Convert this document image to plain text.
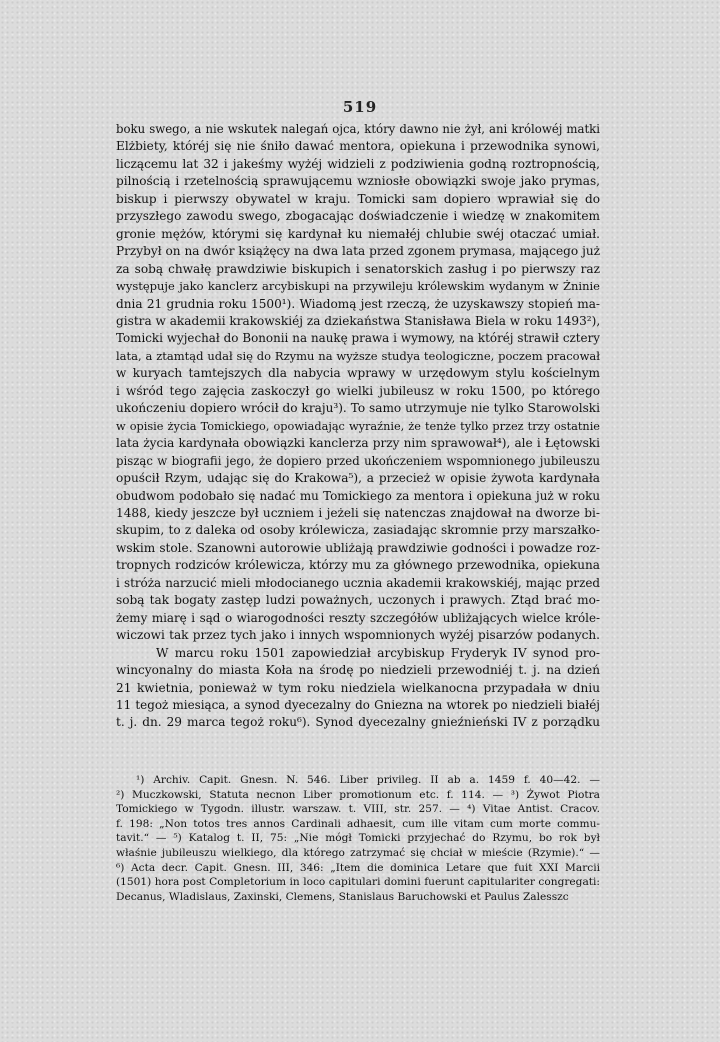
519
boku swego, a nie wskutek nalegań ojca, który dawno nie żył, ani królowéj matki
Elżbiety, któréj się nie śniło dawać mentora, opiekuna i przewodnika synowi,
liczącemu lat 32 i jakeśmy wyżéj widzieli z podziwienia godną roztropnością,
pilnością i rzetelnością sprawującemu wzniosłe obowiązki swoje jako prymas,
biskup i pierwszy obywatel w kraju. Tomicki sam dopiero wprawiał się do
przyszłego zawodu swego, zbogacając doświadczenie i wiedzę w znakomitem
gronie mężów, którymi się kardynał ku niemałéj chlubie swéj otaczać umiał.
Przybył on na dwór książęcy na dwa lata przed zgonem prymasa, mającego już
za sobą chwałę prawdziwie biskupich i senatorskich zasług i po pierwszy raz
występuje jako kanclerz arcybiskupi na przywileju królewskim wydanym w Żninie
dnia 21 grudnia roku 1500¹). Wiadomą jest rzeczą, że uzyskawszy stopień ma-
gistra w akademii krakowskiéj za dziekaństwa Stanisława Biela w roku 1493²),
Tomicki wyjechał do Bononii na naukę prawa i wymowy, na któréj strawił cztery
lata, a ztamtąd udał się do Rzymu na wyższe studya teologiczne, poczem pracował
w kuryach tamtejszych dla nabycia wprawy w urzędowym stylu kościelnym
i wśród tego zajęcia zaskoczył go wielki jubileusz w roku 1500, po którego
ukończeniu dopiero wrócił do kraju³). To samo utrzymuje nie tylko Starowolski
w opisie życia Tomickiego, opowiadając wyraźnie, że tenże tylko przez trzy ostatnie
lata życia kardynała obowiązki kanclerza przy nim sprawował⁴), ale i Łętowski
pisząc w biografii jego, że dopiero przed ukończeniem wspomnionego jubileuszu
opuścił Rzym, udając się do Krakowa⁵), a przecież w opisie żywota kardynała
obudwom podobało się nadać mu Tomickiego za mentora i opiekuna już w roku
1488, kiedy jeszcze był uczniem i jeżeli się natenczas znajdował na dworze bi-
skupim, to z daleka od osoby królewicza, zasiadając skromnie przy marszałko-
wskim stole. Szanowni autorowie ubliżają prawdziwie godności i powadze roz-
tropnych rodziców królewicza, którzy mu za głównego przewodnika, opiekuna
i stróża narzucić mieli młodocianego ucznia akademii krakowskiéj, mając przed
sobą tak bogaty zastęp ludzi poważnych, uczonych i prawych. Ztąd brać mo-
żemy miarę i sąd o wiarogodności reszty szczegółów ubliżających wielce króle-
wiczowi tak przez tych jako i innych wspomnionych wyżéj pisarzów podanych.
W marcu roku 1501 zapowiedział arcybiskup Fryderyk IV synod pro-
wincyonalny do miasta Koła na środę po niedzieli przewodniéj t. j. na dzień
21 kwietnia, ponieważ w tym roku niedziela wielkanocna przypadała w dniu
11 tegoż miesiąca, a synod dyecezalny do Gniezna na wtorek po niedzieli białéj
t. j. dn. 29 marca tegoż roku⁶). Synod dyecezalny gnieźnieński IV z porządku
¹) Archiv. Capit. Gnesn. N. 546. Liber privileg. II ab a. 1459 f. 40—42. —
²) Muczkowski, Statuta necnon Liber promotionum etc. f. 114. — ³) Żywot Piotra
Tomickiego w Tygodn. illustr. warszaw. t. VIII, str. 257. — ⁴) Vitae Antist. Cracov.
f. 198: „Non totos tres annos Cardinali adhaesit, cum ille vitam cum morte commu-
tavit.“ — ⁵) Katalog t. II, 75: „Nie mógł Tomicki przyjechać do Rzymu, bo rok był
właśnie jubileuszu wielkiego, dla którego zatrzymać się chciał w mieście (Rzymie).“ —
⁶) Acta decr. Capit. Gnesn. III, 346: „Item die dominica Letare que fuit XXI Marcii
(1501) hora post Completorium in loco capitulari domini fuerunt capitulariter congregati:
Decanus, Wladislaus, Zaxinski, Clemens, Stanislaus Baruchowski et Paulus Zalesszc
